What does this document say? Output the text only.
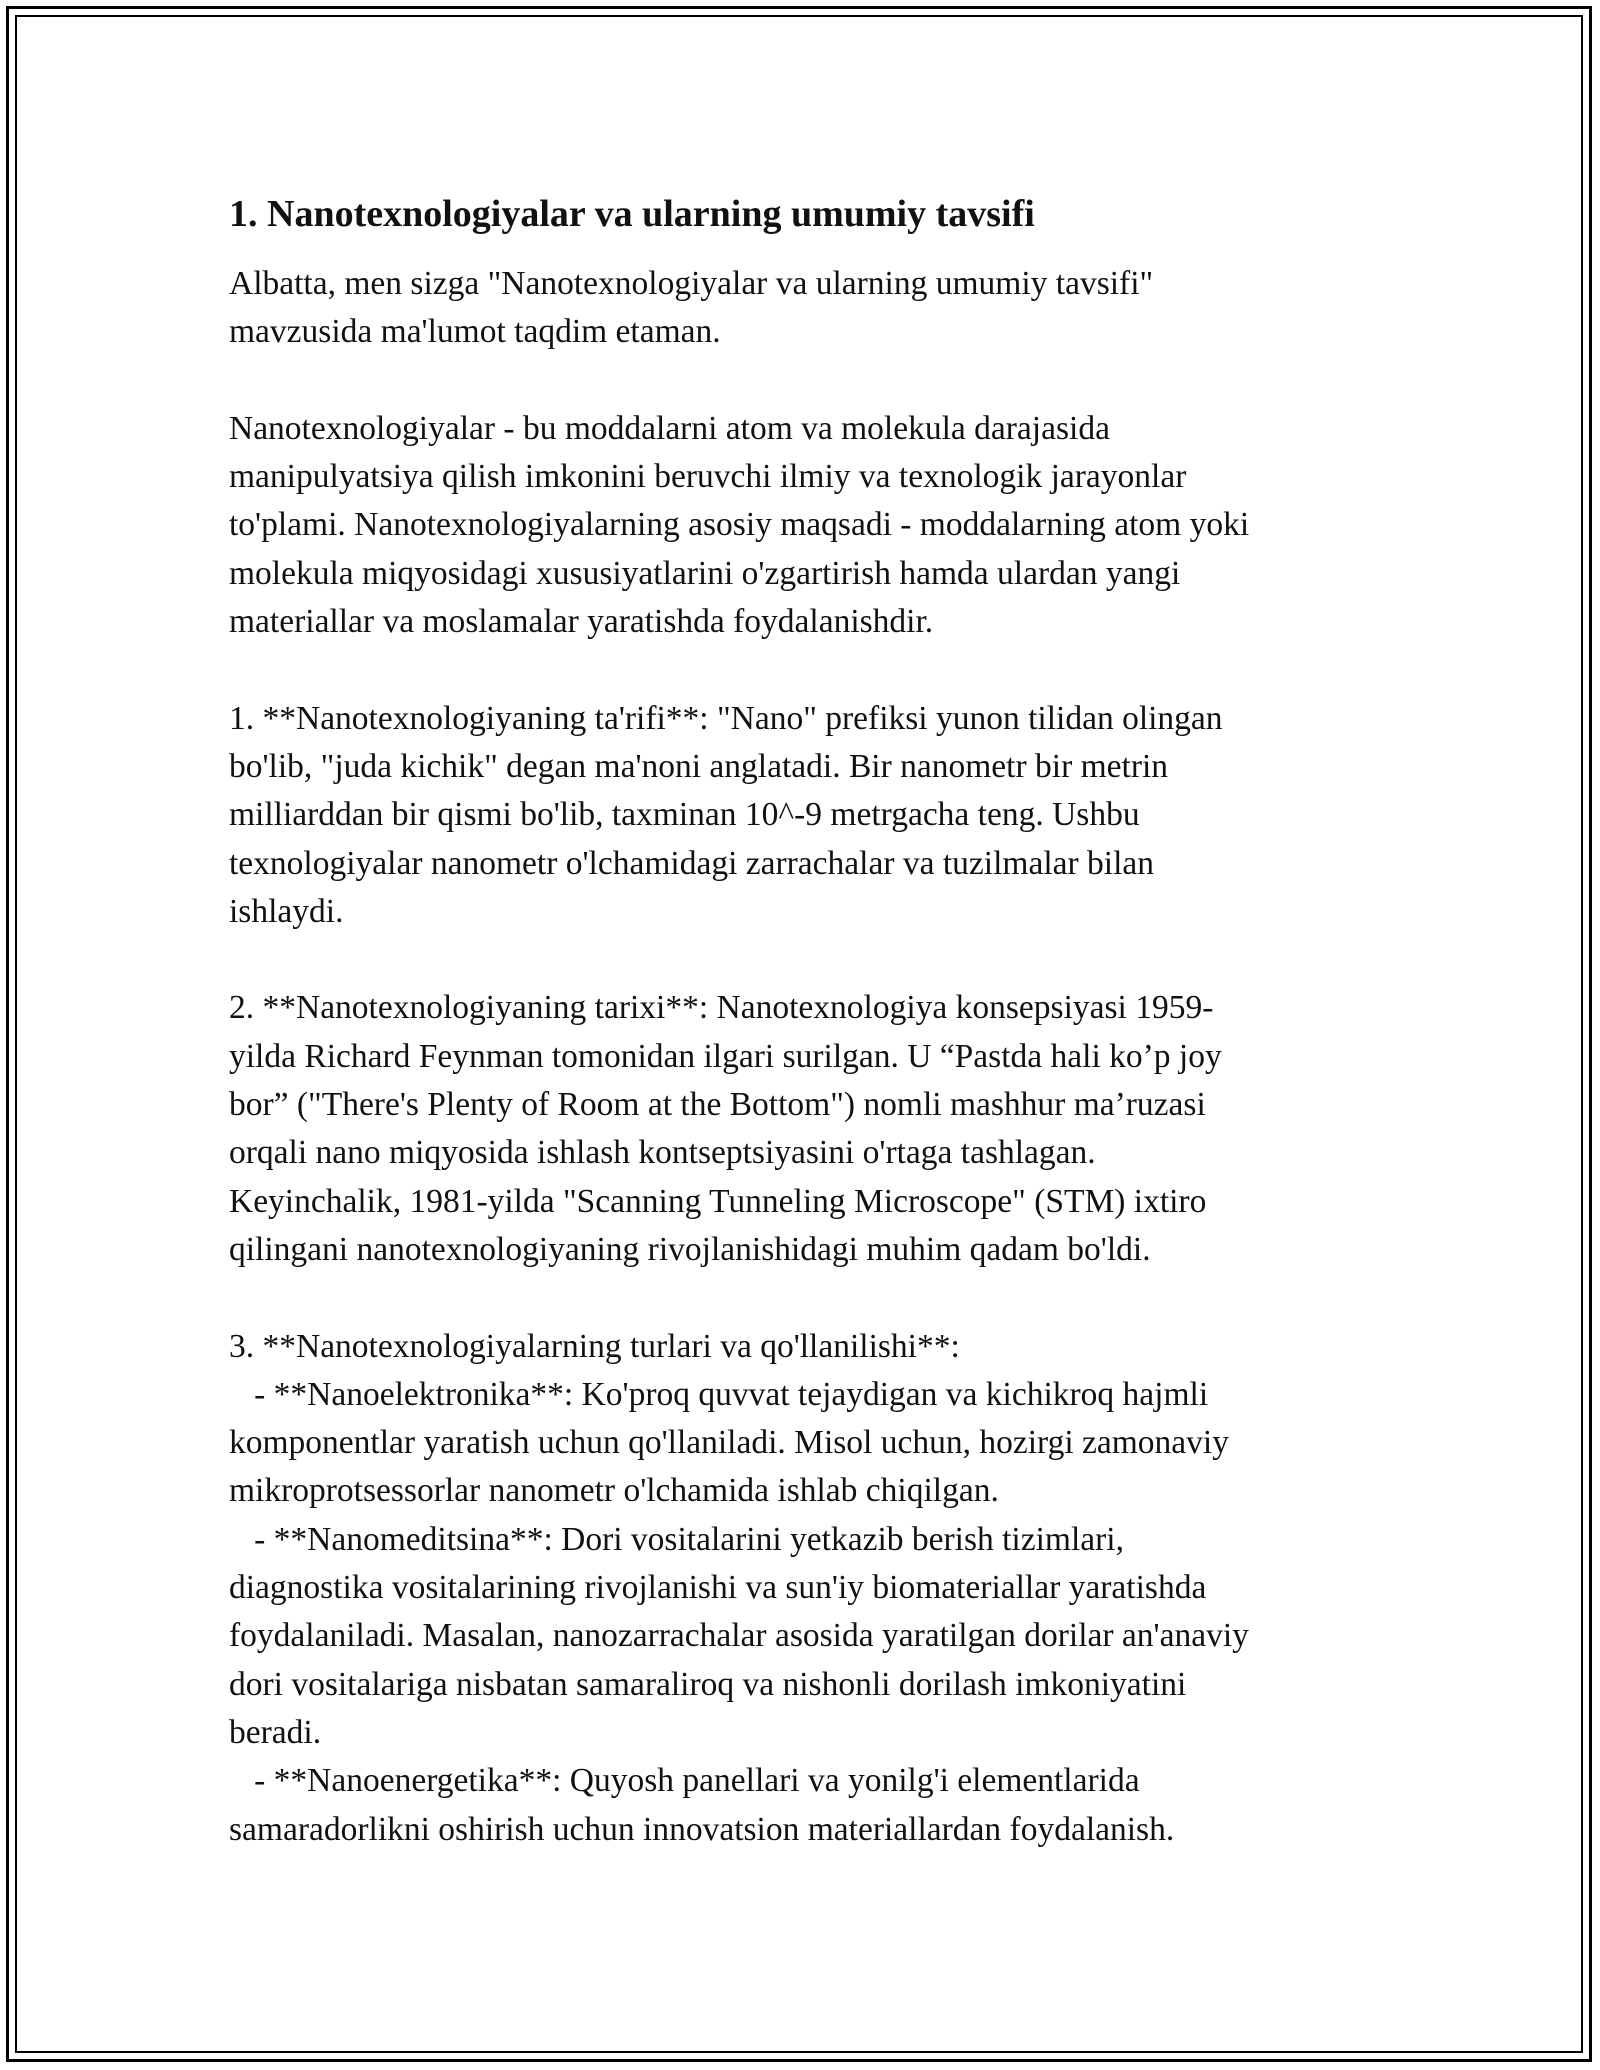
1. Nanotexnologiyalar va ularning umumiy tavsifi

Albatta, men sizga "Nanotexnologiyalar va ularning umumiy tavsifi"
mavzusida ma'lumot taqdim etaman.

Nanotexnologiyalar - bu moddalarni atom va molekula darajasida
manipulyatsiya qilish imkonini beruvchi ilmiy va texnologik jarayonlar
to'plami. Nanotexnologiyalarning asosiy maqsadi - moddalarning atom yoki
molekula miqyosidagi xususiyatlarini o'zgartirish hamda ulardan yangi
materiallar va moslamalar yaratishda foydalanishdir.

1. **Nanotexnologiyaning ta'rifi**: "Nano" prefiksi yunon tilidan olingan
bo'lib, "juda kichik" degan ma'noni anglatadi. Bir nanometr bir metrin
milliarddan bir qismi bo'lib, taxminan 10^-9 metrgacha teng. Ushbu
texnologiyalar nanometr o'lchamidagi zarrachalar va tuzilmalar bilan
ishlaydi.

2. **Nanotexnologiyaning tarixi**: Nanotexnologiya konsepsiyasi 1959-
yilda Richard Feynman tomonidan ilgari surilgan. U “Pastda hali ko’p joy
bor” ("There's Plenty of Room at the Bottom") nomli mashhur ma’ruzasi
orqali nano miqyosida ishlash kontseptsiyasini o'rtaga tashlagan.
Keyinchalik, 1981-yilda "Scanning Tunneling Microscope" (STM) ixtiro
qilingani nanotexnologiyaning rivojlanishidagi muhim qadam bo'ldi.

3. **Nanotexnologiyalarning turlari va qo'llanilishi**:
- **Nanoelektronika**: Ko'proq quvvat tejaydigan va kichikroq hajmli
komponentlar yaratish uchun qo'llaniladi. Misol uchun, hozirgi zamonaviy
mikroprotsessorlar nanometr o'lchamida ishlab chiqilgan.
- **Nanomeditsina**: Dori vositalarini yetkazib berish tizimlari,
diagnostika vositalarining rivojlanishi va sun'iy biomateriallar yaratishda
foydalaniladi. Masalan, nanozarrachalar asosida yaratilgan dorilar an'anaviy
dori vositalariga nisbatan samaraliroq va nishonli dorilash imkoniyatini
beradi.
- **Nanoenergetika**: Quyosh panellari va yonilg'i elementlarida
samaradorlikni oshirish uchun innovatsion materiallardan foydalanish.
